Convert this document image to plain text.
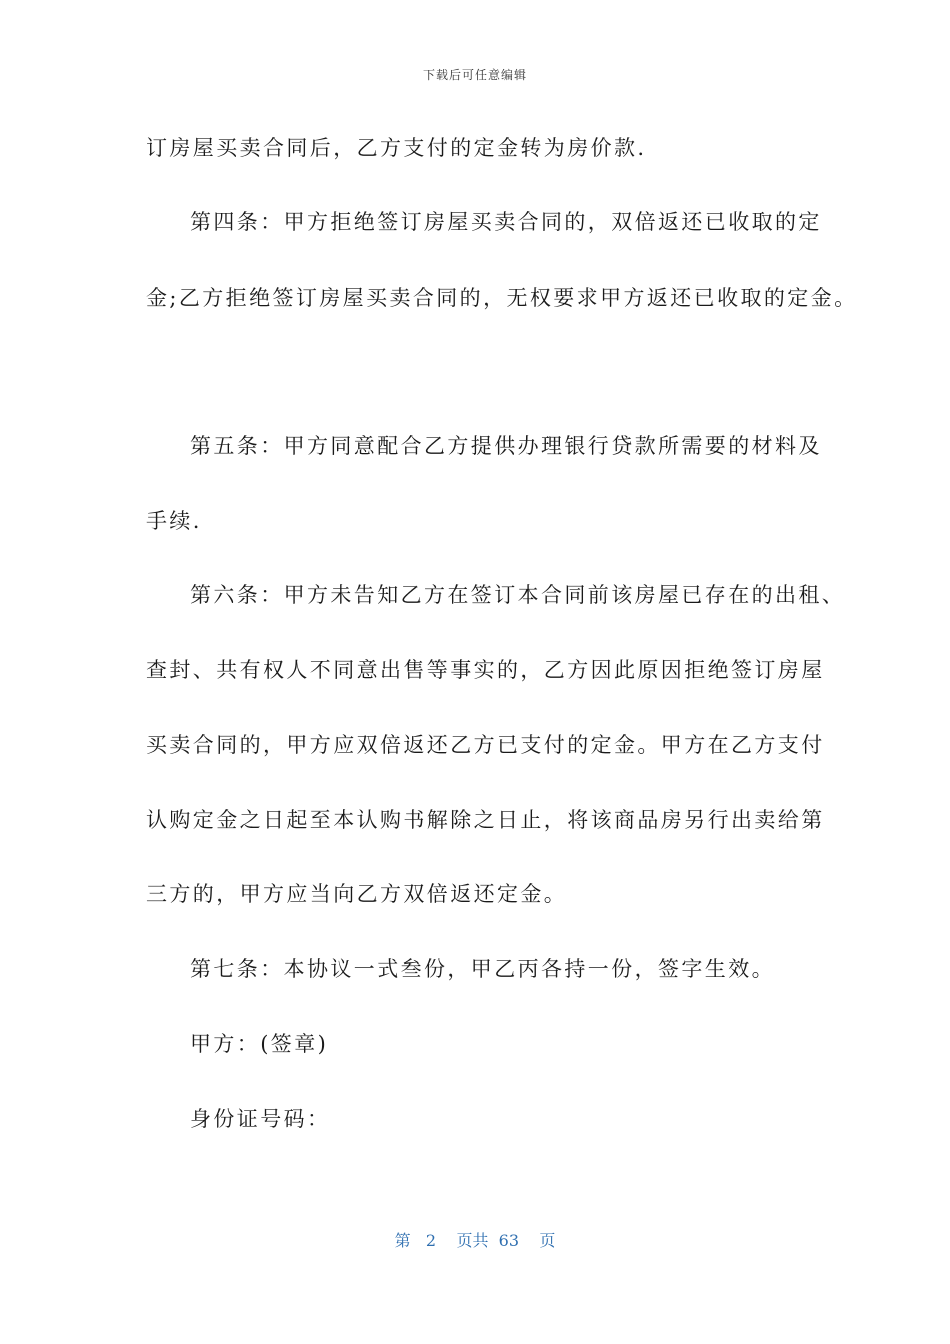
下载后可任意编辑
订房屋买卖合同后，乙方支付的定金转为房价款.
第四条：甲方拒绝签订房屋买卖合同的，双倍返还已收取的定
金;乙方拒绝签订房屋买卖合同的，无权要求甲方返还已收取的定金。
第五条：甲方同意配合乙方提供办理银行贷款所需要的材料及
手续.
第六条：甲方未告知乙方在签订本合同前该房屋已存在的出租、
查封、共有权人不同意出售等事实的，乙方因此原因拒绝签订房屋
买卖合同的，甲方应双倍返还乙方已支付的定金。甲方在乙方支付
认购定金之日起至本认购书解除之日止，将该商品房另行出卖给第
三方的，甲方应当向乙方双倍返还定金。
第七条：本协议一式叁份，甲乙丙各持一份，签字生效。
甲方：(签章)
身份证号码：
第 2 页共 63 页
